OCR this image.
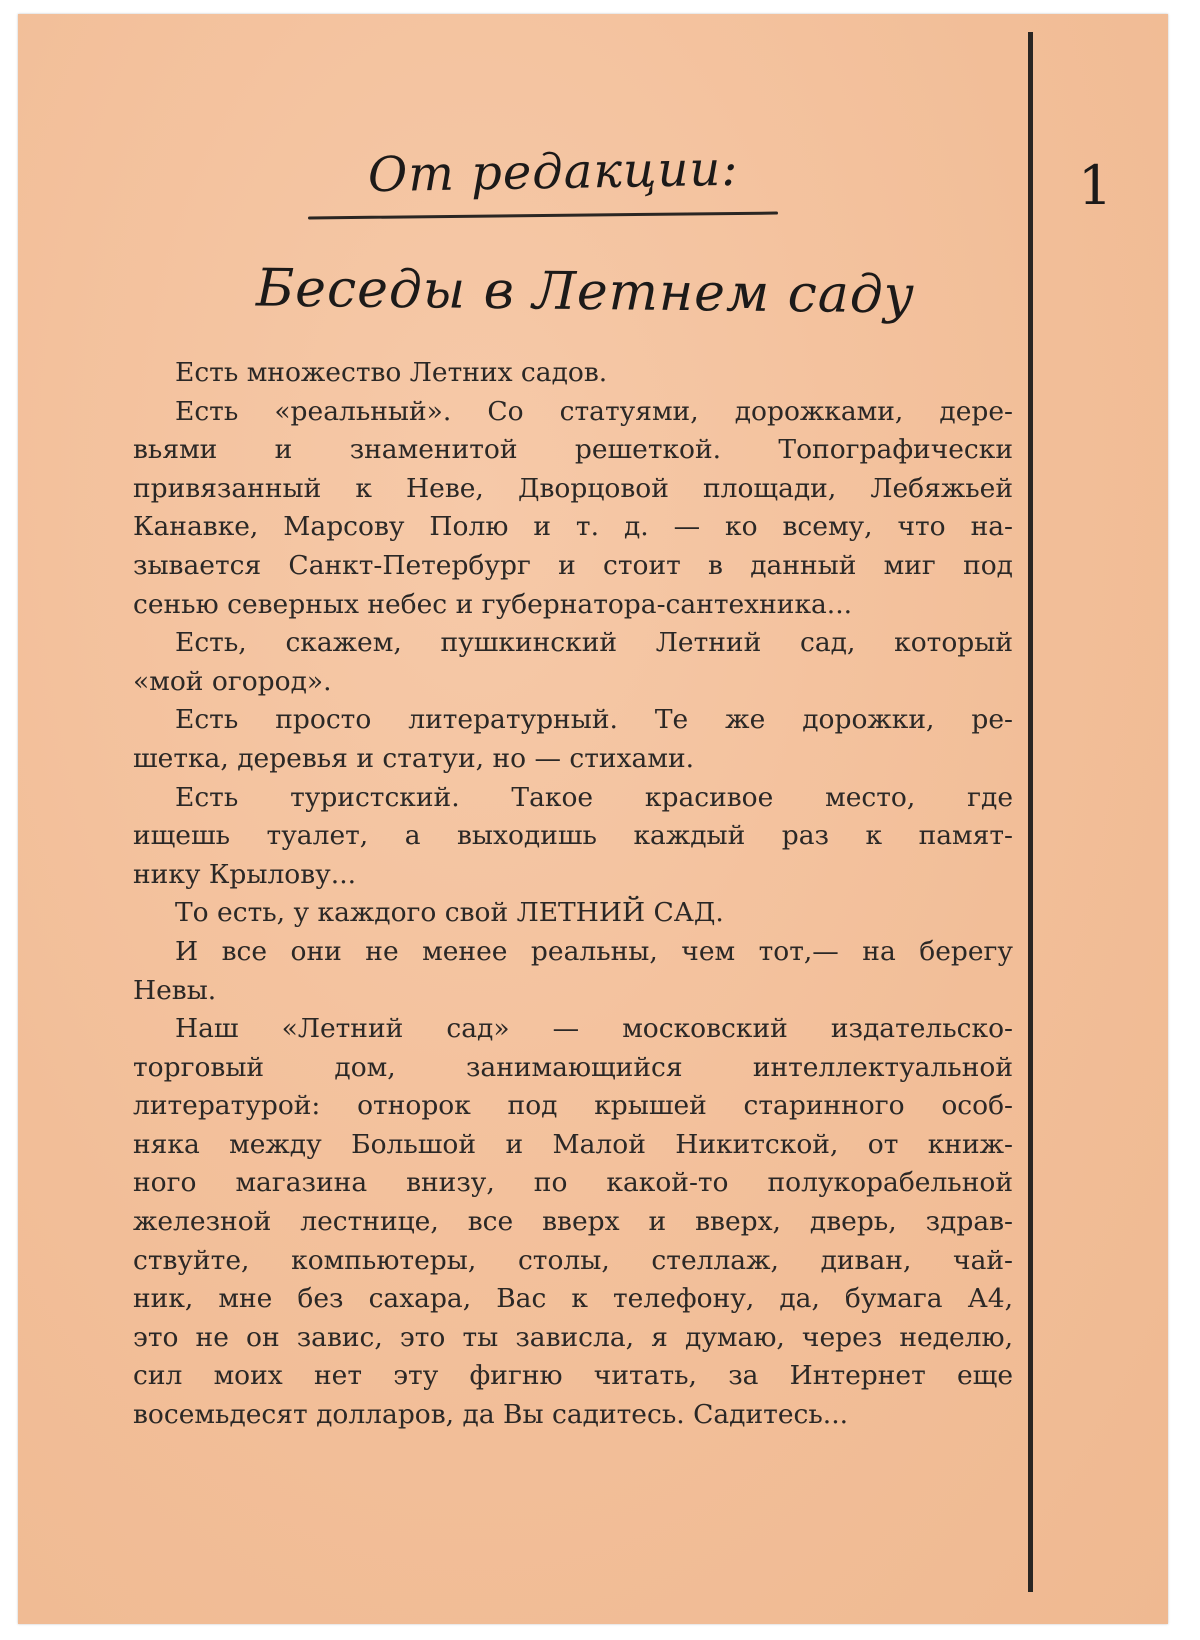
От редакции:
Беседы в Летнем саду
1
Есть множество Летних садов.
Есть «реальный». Со статуями, дорожками, дере-
вьями и знаменитой решеткой. Топографически
привязанный к Неве, Дворцовой площади, Лебяжьей
Канавке, Марсову Полю и т. д. — ко всему, что на-
зывается Санкт-Петербург и стоит в данный миг под
сенью северных небес и губернатора-сантехника...
Есть, скажем, пушкинский Летний сад, который
«мой огород».
Есть просто литературный. Те же дорожки, ре-
шетка, деревья и статуи, но — стихами.
Есть туристский. Такое красивое место, где
ищешь туалет, а выходишь каждый раз к памят-
нику Крылову...
То есть, у каждого свой ЛЕТНИЙ САД.
И все они не менее реальны, чем тот,— на берегу
Невы.
Наш «Летний сад» — московский издательско-
торговый дом, занимающийся интеллектуальной
литературой: отнорок под крышей старинного особ-
няка между Большой и Малой Никитской, от книж-
ного магазина внизу, по какой-то полукорабельной
железной лестнице, все вверх и вверх, дверь, здрав-
ствуйте, компьютеры, столы, стеллаж, диван, чай-
ник, мне без сахара, Вас к телефону, да, бумага А4,
это не он завис, это ты зависла, я думаю, через неделю,
сил моих нет эту фигню читать, за Интернет еще
восемьдесят долларов, да Вы садитесь. Садитесь...
